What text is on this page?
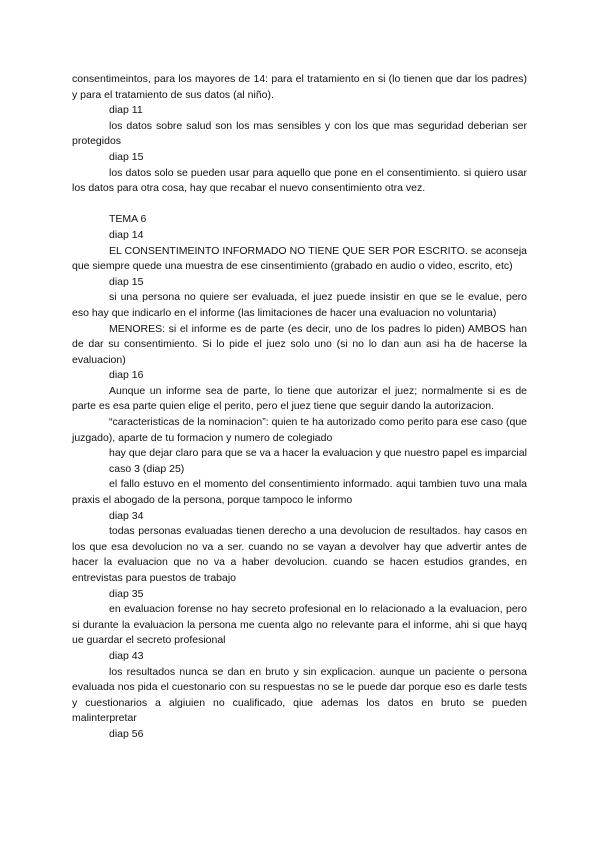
consentimeintos, para los mayores de 14: para el tratamiento en si (lo tienen que dar los padres) y para el tratamiento de sus datos (al niño).

diap 11

los datos sobre salud son los mas sensibles y con los que mas seguridad deberian ser protegidos

diap 15

los datos solo se pueden usar para aquello que pone en el consentimiento. si quiero usar los datos para otra cosa, hay que recabar el nuevo consentimiento otra vez.

TEMA 6

diap 14

EL CONSENTIMEINTO INFORMADO NO TIENE QUE SER POR ESCRITO. se aconseja que siempre quede una muestra de ese cinsentimiento (grabado en audio o video, escrito, etc)

diap 15

si una persona no quiere ser evaluada, el juez puede insistir en que se le evalue, pero eso hay que indicarlo en el informe (las limitaciones de hacer una evaluacion no voluntaria)

MENORES: si el informe es de parte (es decir, uno de los padres lo piden) AMBOS han de dar su consentimiento. Si lo pide el juez solo uno (si no lo dan aun asi ha de hacerse la evaluacion)

diap 16

Aunque un informe sea de parte, lo tiene que autorizar el juez; normalmente si es de parte es esa parte quien elige el perito, pero el juez tiene que seguir dando la autorizacion.

“caracteristicas de la nominacion”: quien te ha autorizado como perito para ese caso (que juzgado), aparte de tu formacion y numero de colegiado

hay que dejar claro para que se va a hacer la evaluacion y que nuestro papel es imparcial

caso 3 (diap 25)

el fallo estuvo en el momento del consentimiento informado. aqui tambien tuvo una mala praxis el abogado de la persona, porque tampoco le informo

diap 34

todas personas evaluadas tienen derecho a una devolucion de resultados. hay casos en los que esa devolucion no va a ser. cuando no se vayan a devolver hay que advertir antes de hacer la evaluacion que no va a haber devolucion. cuando se hacen estudios grandes, en entrevistas para puestos de trabajo

diap 35

en evaluacion forense no hay secreto profesional en lo relacionado a la evaluacion, pero si durante la evaluacion la persona me cuenta algo no relevante para el informe, ahi si que hayq ue guardar el secreto profesional

diap 43

los resultados nunca se dan en bruto y sin explicacion. aunque un paciente o persona evaluada nos pida el cuestonario con su respuestas no se le puede dar porque eso es darle tests y cuestionarios a algiuien no cualificado, qiue ademas los datos en bruto se pueden malinterpretar

diap 56
